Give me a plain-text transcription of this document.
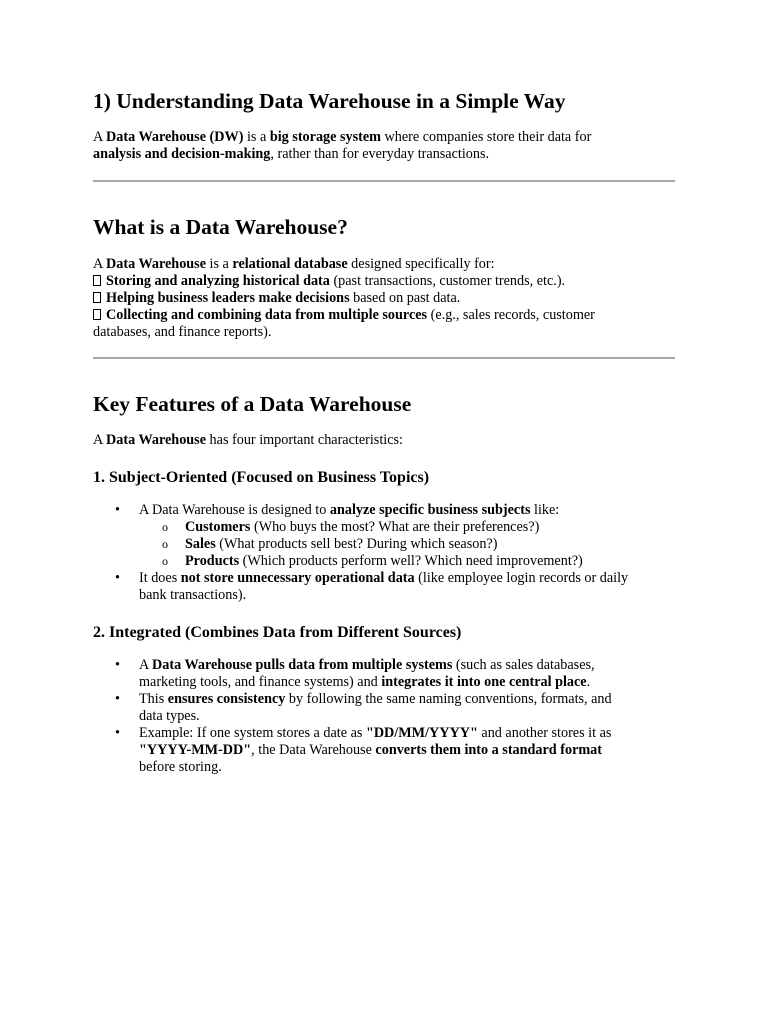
1) Understanding Data Warehouse in a Simple Way
A Data Warehouse (DW) is a big storage system where companies store their data for
analysis and decision-making, rather than for everyday transactions.
What is a Data Warehouse?
A Data Warehouse is a relational database designed specifically for:
Storing and analyzing historical data (past transactions, customer trends, etc.).
Helping business leaders make decisions based on past data.
Collecting and combining data from multiple sources (e.g., sales records, customer
databases, and finance reports).
Key Features of a Data Warehouse
A Data Warehouse has four important characteristics:
1. Subject-Oriented (Focused on Business Topics)
• A Data Warehouse is designed to analyze specific business subjects like:
o Customers (Who buys the most? What are their preferences?)
o Sales (What products sell best? During which season?)
o Products (Which products perform well? Which need improvement?)
• It does not store unnecessary operational data (like employee login records or daily
bank transactions).
2. Integrated (Combines Data from Different Sources)
• A Data Warehouse pulls data from multiple systems (such as sales databases,
marketing tools, and finance systems) and integrates it into one central place.
• This ensures consistency by following the same naming conventions, formats, and
data types.
• Example: If one system stores a date as "DD/MM/YYYY" and another stores it as
"YYYY-MM-DD", the Data Warehouse converts them into a standard format
before storing.
